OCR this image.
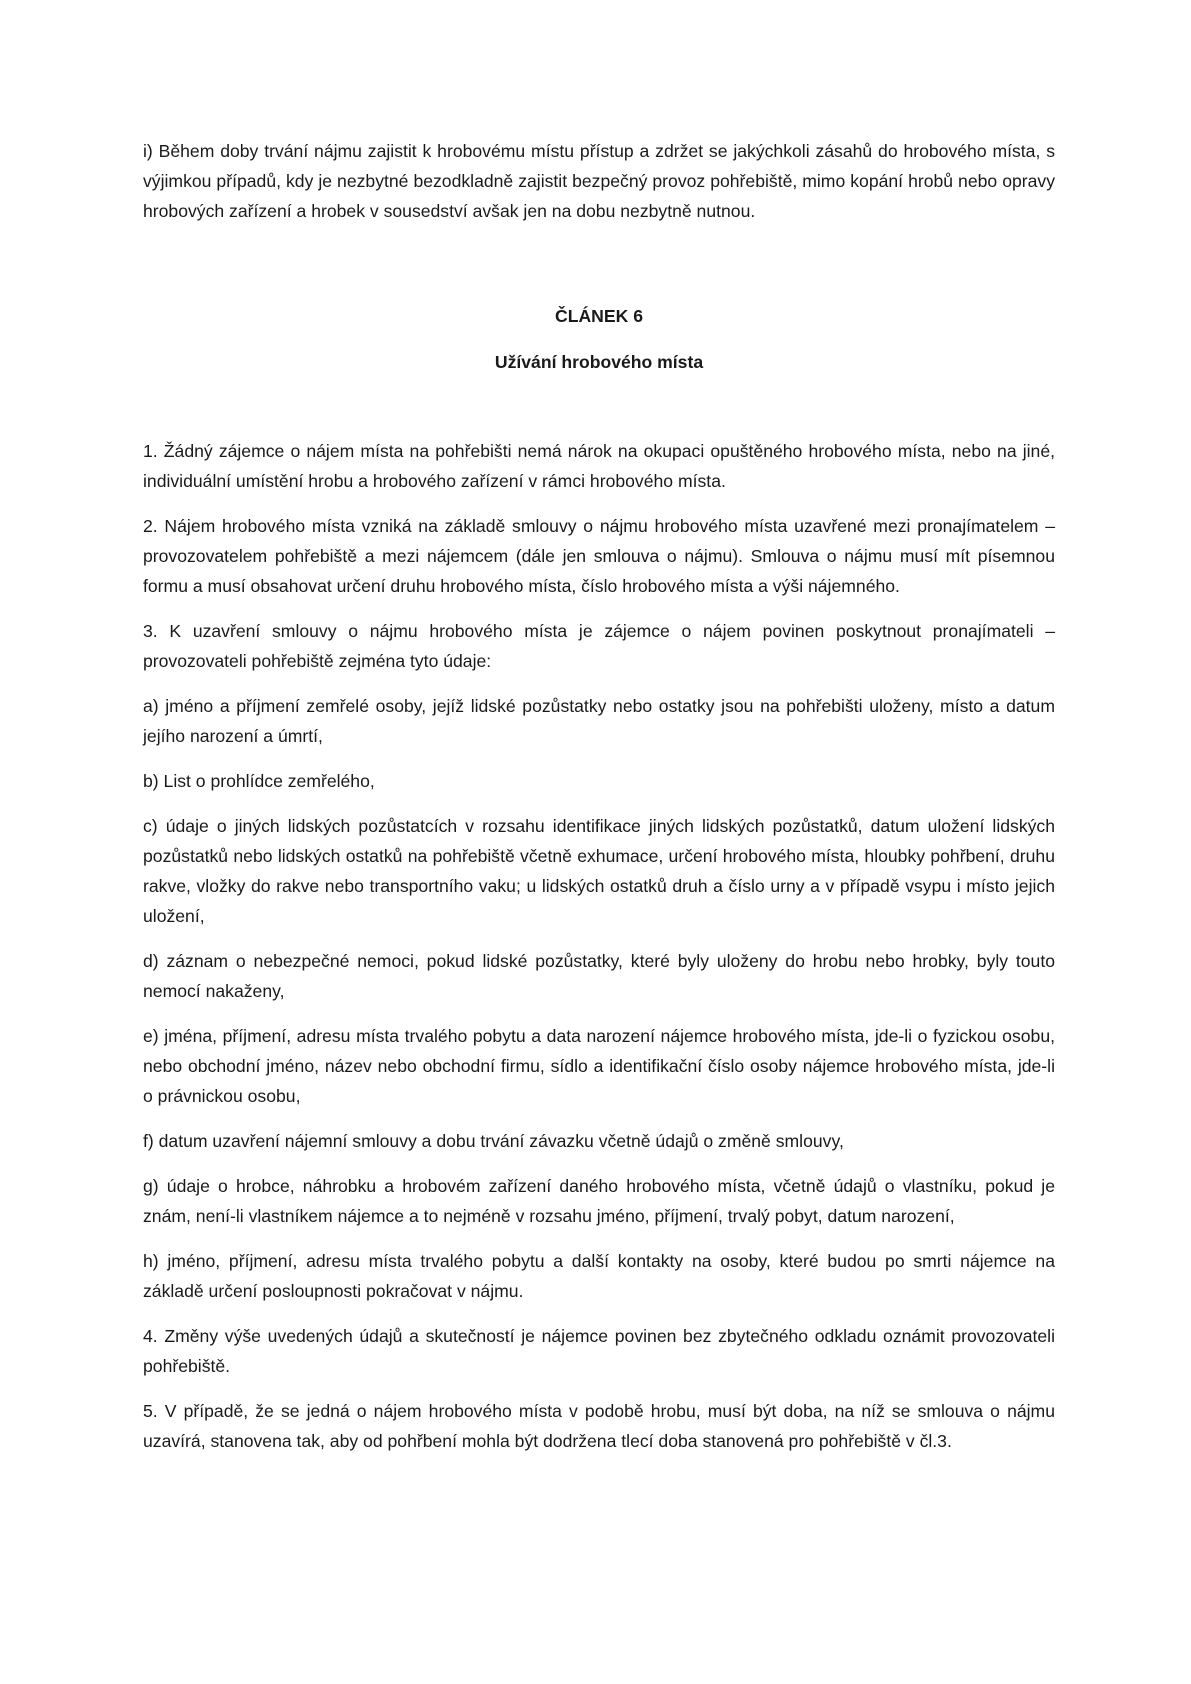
i) Během doby trvání nájmu zajistit k hrobovému místu přístup a zdržet se jakýchkoli zásahů do hrobového místa, s výjimkou případů, kdy je nezbytné bezodkladně zajistit bezpečný provoz pohřebiště, mimo kopání hrobů nebo opravy hrobových zařízení a hrobek v sousedství avšak jen na dobu nezbytně nutnou.

ČLÁNEK 6
Užívání hrobového místa

1. Žádný zájemce o nájem místa na pohřebišti nemá nárok na okupaci opuštěného hrobového místa, nebo na jiné, individuální umístění hrobu a hrobového zařízení v rámci hrobového místa.

2. Nájem hrobového místa vzniká na základě smlouvy o nájmu hrobového místa uzavřené mezi pronajímatelem – provozovatelem pohřebiště a mezi nájemcem (dále jen smlouva o nájmu). Smlouva o nájmu musí mít písemnou formu a musí obsahovat určení druhu hrobového místa, číslo hrobového místa a výši nájemného.

3. K uzavření smlouvy o nájmu hrobového místa je zájemce o nájem povinen poskytnout pronajímateli – provozovateli pohřebiště zejména tyto údaje:

a) jméno a příjmení zemřelé osoby, jejíž lidské pozůstatky nebo ostatky jsou na pohřebišti uloženy, místo a datum jejího narození a úmrtí,

b) List o prohlídce zemřelého,

c) údaje o jiných lidských pozůstatcích v rozsahu identifikace jiných lidských pozůstatků, datum uložení lidských pozůstatků nebo lidských ostatků na pohřebiště včetně exhumace, určení hrobového místa, hloubky pohřbení, druhu rakve, vložky do rakve nebo transportního vaku; u lidských ostatků druh a číslo urny a v případě vsypu i místo jejich uložení,

d) záznam o nebezpečné nemoci, pokud lidské pozůstatky, které byly uloženy do hrobu nebo hrobky, byly touto nemocí nakaženy,

e) jména, příjmení, adresu místa trvalého pobytu a data narození nájemce hrobového místa, jde-li o fyzickou osobu, nebo obchodní jméno, název nebo obchodní firmu, sídlo a identifikační číslo osoby nájemce hrobového místa, jde-li o právnickou osobu,

f) datum uzavření nájemní smlouvy a dobu trvání závazku včetně údajů o změně smlouvy,

g) údaje o hrobce, náhrobku a hrobovém zařízení daného hrobového místa, včetně údajů o vlastníku, pokud je znám, není-li vlastníkem nájemce a to nejméně v rozsahu jméno, příjmení, trvalý pobyt, datum narození,

h) jméno, příjmení, adresu místa trvalého pobytu a další kontakty na osoby, které budou po smrti nájemce na základě určení posloupnosti pokračovat v nájmu.

4. Změny výše uvedených údajů a skutečností je nájemce povinen bez zbytečného odkladu oznámit provozovateli pohřebiště.

5. V případě, že se jedná o nájem hrobového místa v podobě hrobu, musí být doba, na níž se smlouva o nájmu uzavírá, stanovena tak, aby od pohřbení mohla být dodržena tlecí doba stanovená pro pohřebiště v čl.3.
